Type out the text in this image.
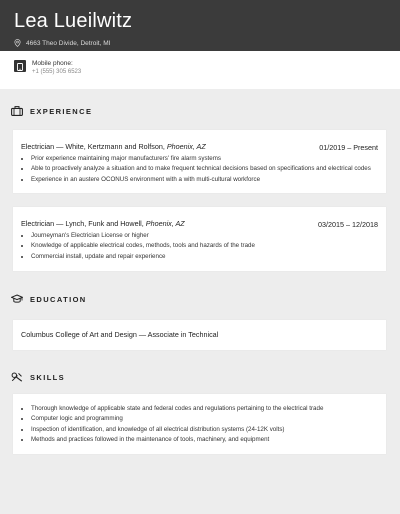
Lea Lueilwitz
4663 Theo Divide, Detroit, MI
Mobile phone:
+1 (555) 305 6523
EXPERIENCE
Electrician — White, Kertzmann and Rolfson, Phoenix, AZ	01/2019 – Present
• Prior experience maintaining major manufacturers' fire alarm systems
• Able to proactively analyze a situation and to make frequent technical decisions based on specifications and electrical codes
• Experience in an austere OCONUS environment with a with multi-cultural workforce
Electrician — Lynch, Funk and Howell, Phoenix, AZ	03/2015 – 12/2018
• Journeyman's Electrician License or higher
• Knowledge of applicable electrical codes, methods, tools and hazards of the trade
• Commercial install, update and repair experience
EDUCATION
Columbus College of Art and Design — Associate in Technical
SKILLS
• Thorough knowledge of applicable state and federal codes and regulations pertaining to the electrical trade
• Computer logic and programming
• Inspection of identification, and knowledge of all electrical distribution systems (24-12K volts)
• Methods and practices followed in the maintenance of tools, machinery, and equipment
